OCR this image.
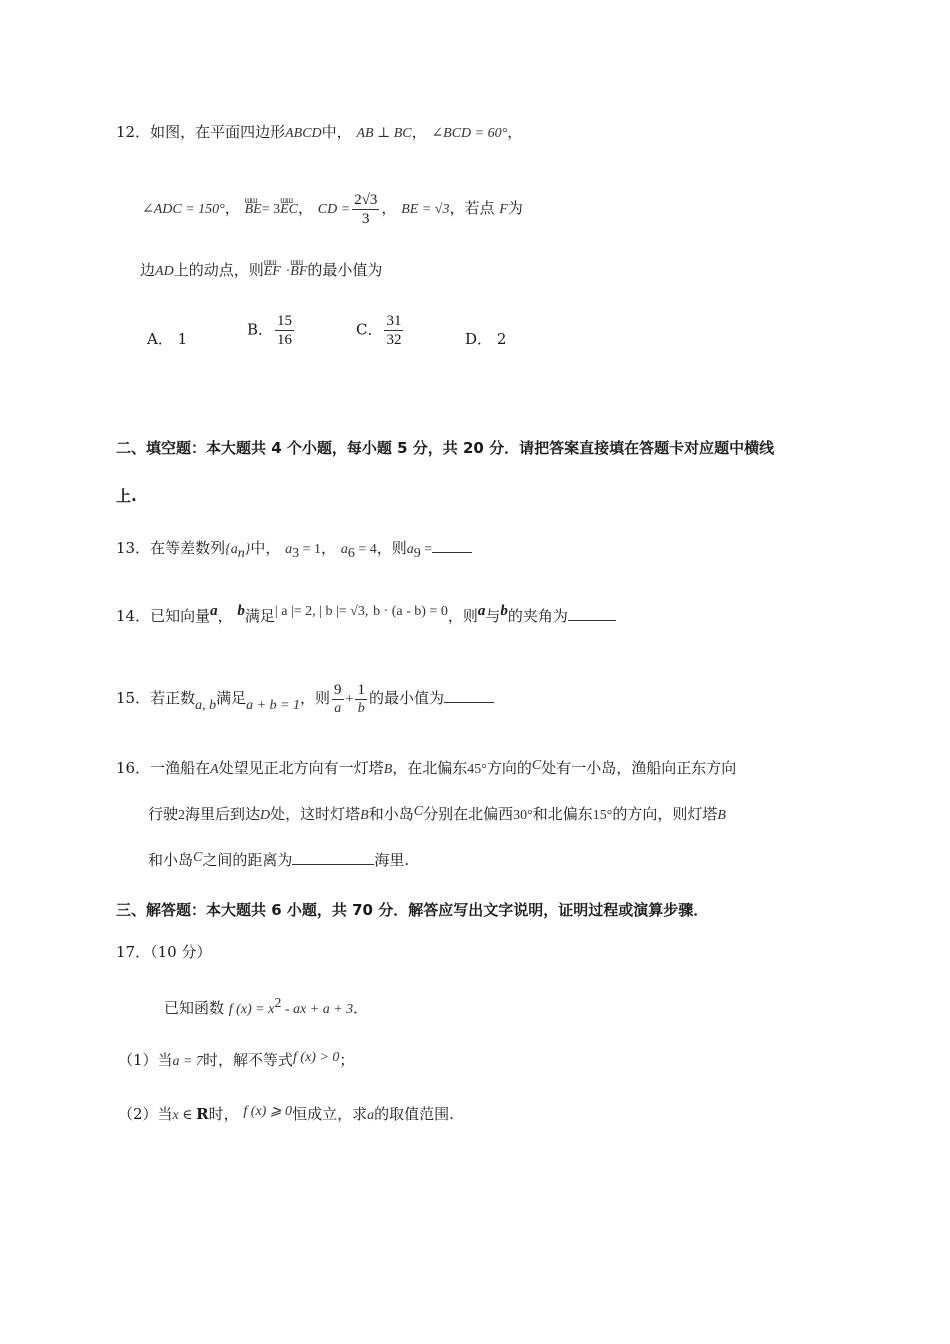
12．如图，在平面四边形ABCD中， AB ⊥ BC， ∠BCD = 60°，
∠ADC = 150°， ɯɯ BE= 3ɯɯ EC， CD = $\frac{2√3}{3}$ ， BE = √3，若点 F为
边AD上的动点，则ɯɯ EF ·ɯɯ BF的最小值为
A． 1
B． $\frac{15}{16}$	C． $\frac{31}{32}$	D． 2
二、填空题：本大题共 4 个小题，每小题 5 分，共 20 分．请把答案直接填在答题卡对应题中横线
上.
13．在等差数列$\{a_n\}$中， $a_3 = 1$， $a_6 = 4$，则$a_9$ =
14．已知向量a， b满足| a |= 2, | b |= √3, b · (a - b) = 0，则a与b的夹角为
15．若正数a, b满足a + b = 1，则 $\frac{9}{a} + \frac{1}{b}$ 的最小值为
16．一渔船在A处望见正北方向有一灯塔B，在北偏东45°方向的C处有一小岛，渔船向正东方向
行驶2海里后到达D处，这时灯塔B和小岛C分别在北偏西30°和北偏东15°的方向，则灯塔B
和小岛C之间的距离为	海里.
三、解答题：本大题共 6 小题，共 70 分．解答应写出文字说明，证明过程或演算步骤．
17．（10 分）
已知函数 f $(x) = x^2$ - ax + a + 3．
（1）当a = 7时，解不等式f (x) > 0；
（2）当x ∈ R时， f (x) ⩾ 0恒成立，求a的取值范围.
